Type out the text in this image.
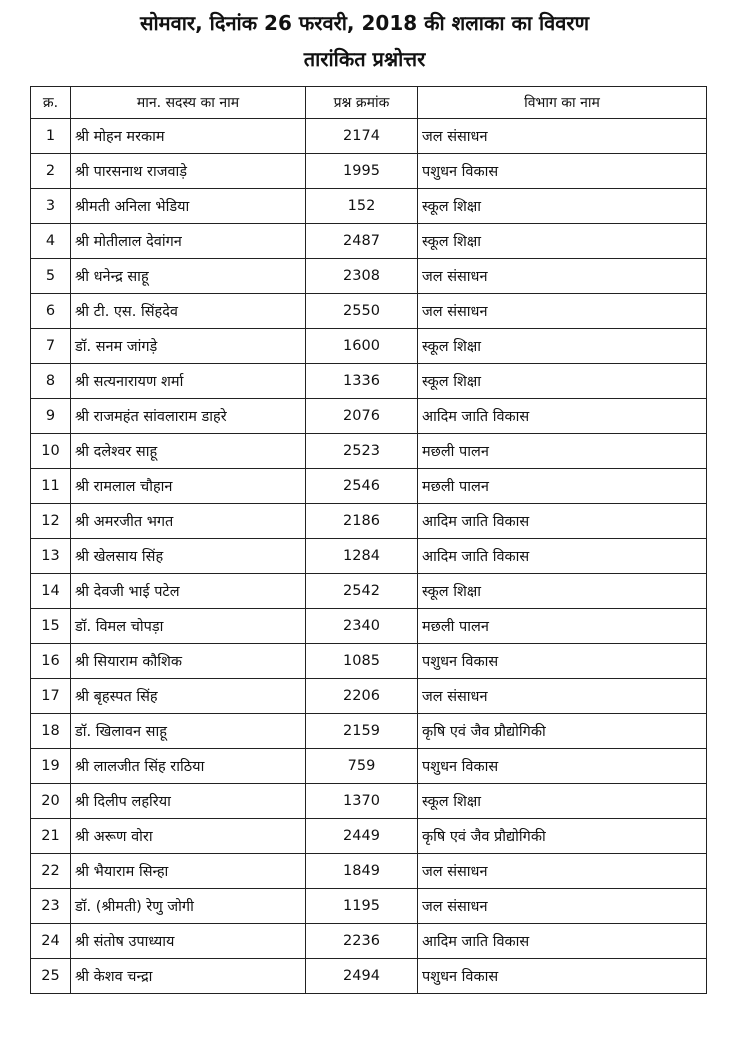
सोमवार, दिनांक 26 फरवरी, 2018 की शलाका का विवरण
तारांकित प्रश्नोत्तर
क्र.	मान. सदस्य का नाम	प्रश्न क्रमांक	विभाग का नाम
1	श्री मोहन मरकाम	2174	जल संसाधन
2	श्री पारसनाथ राजवाड़े	1995	पशुधन विकास
3	श्रीमती अनिला भेडिया	152	स्कूल शिक्षा
4	श्री मोतीलाल देवांगन	2487	स्कूल शिक्षा
5	श्री धनेन्द्र साहू	2308	जल संसाधन
6	श्री टी. एस. सिंहदेव	2550	जल संसाधन
7	डॉ. सनम जांगड़े	1600	स्कूल शिक्षा
8	श्री सत्यनारायण शर्मा	1336	स्कूल शिक्षा
9	श्री राजमहंत सांवलाराम डाहरे	2076	आदिम जाति विकास
10	श्री दलेश्वर साहू	2523	मछली पालन
11	श्री रामलाल चौहान	2546	मछली पालन
12	श्री अमरजीत भगत	2186	आदिम जाति विकास
13	श्री खेलसाय सिंह	1284	आदिम जाति विकास
14	श्री देवजी भाई पटेल	2542	स्कूल शिक्षा
15	डॉ. विमल चोपड़ा	2340	मछली पालन
16	श्री सियाराम कौशिक	1085	पशुधन विकास
17	श्री बृहस्पत सिंह	2206	जल संसाधन
18	डॉ. खिलावन साहू	2159	कृषि एवं जैव प्रौद्योगिकी
19	श्री लालजीत सिंह राठिया	759	पशुधन विकास
20	श्री दिलीप लहरिया	1370	स्कूल शिक्षा
21	श्री अरूण वोरा	2449	कृषि एवं जैव प्रौद्योगिकी
22	श्री भैयाराम सिन्हा	1849	जल संसाधन
23	डॉ. (श्रीमती) रेणु जोगी	1195	जल संसाधन
24	श्री संतोष उपाध्याय	2236	आदिम जाति विकास
25	श्री केशव चन्द्रा	2494	पशुधन विकास
